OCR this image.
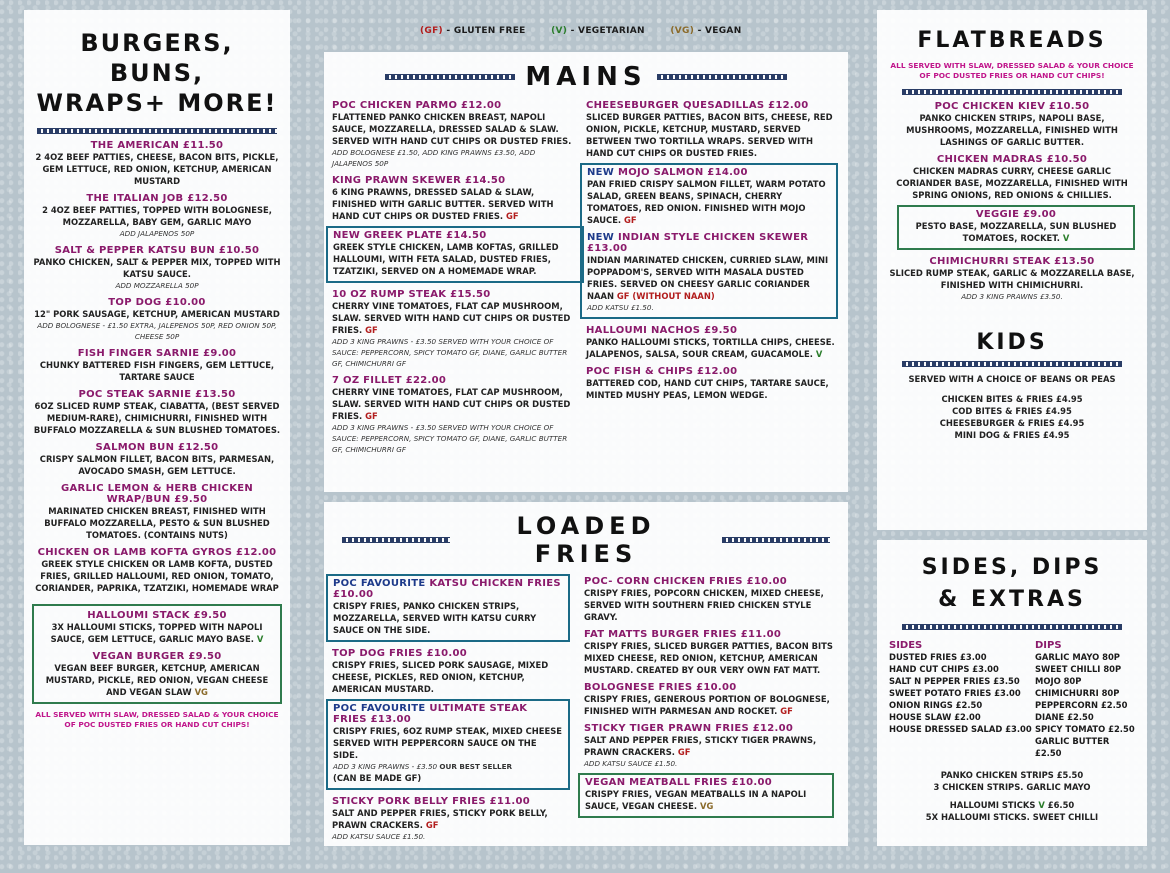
(GF) - GLUTEN FREE	(V) - VEGETARIAN	(VG) - VEGAN
BURGERS, BUNS,
WRAPS+ MORE!
THE AMERICAN £11.50
2 4OZ BEEF PATTIES, CHEESE, BACON BITS, PICKLE, GEM LETTUCE, RED ONION, KETCHUP, AMERICAN MUSTARD
THE ITALIAN JOB £12.50
2 4OZ BEEF PATTIES, TOPPED WITH BOLOGNESE, MOZZARELLA, BABY GEM, GARLIC MAYO
ADD JALAPENOS 50P
SALT & PEPPER KATSU BUN £10.50
PANKO CHICKEN, SALT & PEPPER MIX, TOPPED WITH KATSU SAUCE.
ADD MOZZARELLA 50P
TOP DOG £10.00
12" PORK SAUSAGE, KETCHUP, AMERICAN MUSTARD
ADD BOLOGNESE - £1.50 EXTRA, JALEPENOS 50P, RED ONION 50P, CHEESE 50P
FISH FINGER SARNIE £9.00
CHUNKY BATTERED FISH FINGERS, GEM LETTUCE, TARTARE SAUCE
POC STEAK SARNIE £13.50
6OZ SLICED RUMP STEAK, CIABATTA, (BEST SERVED MEDIUM-RARE), CHIMICHURRI, FINISHED WITH BUFFALO MOZZARELLA & SUN BLUSHED TOMATOES.
SALMON BUN £12.50
CRISPY SALMON FILLET, BACON BITS, PARMESAN, AVOCADO SMASH, GEM LETTUCE.
GARLIC LEMON & HERB CHICKEN WRAP/BUN £9.50
MARINATED CHICKEN BREAST, FINISHED WITH BUFFALO MOZZARELLA, PESTO & SUN BLUSHED TOMATOES. (CONTAINS NUTS)
CHICKEN OR LAMB KOFTA GYROS £12.00
GREEK STYLE CHICKEN OR LAMB KOFTA, DUSTED FRIES, GRILLED HALLOUMI, RED ONION, TOMATO, CORIANDER, PAPRIKA, TZATZIKI, HOMEMADE WRAP
HALLOUMI STACK £9.50
3X HALLOUMI STICKS, TOPPED WITH NAPOLI SAUCE, GEM LETTUCE, GARLIC MAYO BASE. V
VEGAN BURGER £9.50
VEGAN BEEF BURGER, KETCHUP, AMERICAN MUSTARD, PICKLE, RED ONION, VEGAN CHEESE AND VEGAN SLAW VG
ALL SERVED WITH SLAW, DRESSED SALAD & YOUR CHOICE OF POC DUSTED FRIES OR HAND CUT CHIPS!
MAINS
POC CHICKEN PARMO £12.00
FLATTENED PANKO CHICKEN BREAST, NAPOLI SAUCE, MOZZARELLA, DRESSED SALAD & SLAW. SERVED WITH HAND CUT CHIPS OR DUSTED FRIES.
ADD BOLOGNESE £1.50, ADD KING PRAWNS £3.50, ADD JALAPENOS 50P
KING PRAWN SKEWER £14.50
6 KING PRAWNS, DRESSED SALAD & SLAW, FINISHED WITH GARLIC BUTTER. SERVED WITH HAND CUT CHIPS OR DUSTED FRIES. GF
NEW GREEK PLATE £14.50
GREEK STYLE CHICKEN, LAMB KOFTAS, GRILLED HALLOUMI, WITH FETA SALAD, DUSTED FRIES, TZATZIKI, SERVED ON A HOMEMADE WRAP.
10 OZ RUMP STEAK £15.50
CHERRY VINE TOMATOES, FLAT CAP MUSHROOM, SLAW. SERVED WITH HAND CUT CHIPS OR DUSTED FRIES. GF
ADD 3 KING PRAWNS - £3.50 SERVED WITH YOUR CHOICE OF SAUCE: PEPPERCORN, SPICY TOMATO GF, DIANE, GARLIC BUTTER GF, CHIMICHURRI GF
7 OZ FILLET £22.00
CHERRY VINE TOMATOES, FLAT CAP MUSHROOM, SLAW. SERVED WITH HAND CUT CHIPS OR DUSTED FRIES. GF
ADD 3 KING PRAWNS - £3.50 SERVED WITH YOUR CHOICE OF SAUCE: PEPPERCORN, SPICY TOMATO GF, DIANE, GARLIC BUTTER GF, CHIMICHURRI GF
CHEESEBURGER QUESADILLAS £12.00
SLICED BURGER PATTIES, BACON BITS, CHEESE, RED ONION, PICKLE, KETCHUP, MUSTARD, SERVED BETWEEN TWO TORTILLA WRAPS. SERVED WITH HAND CUT CHIPS OR DUSTED FRIES.
NEW MOJO SALMON £14.00
PAN FRIED CRISPY SALMON FILLET, WARM POTATO SALAD, GREEN BEANS, SPINACH, CHERRY TOMATOES, RED ONION. FINISHED WITH MOJO SAUCE. GF
NEW INDIAN STYLE CHICKEN SKEWER £13.00
INDIAN MARINATED CHICKEN, CURRIED SLAW, MINI POPPADOM'S, SERVED WITH MASALA DUSTED FRIES. SERVED ON CHEESY GARLIC CORIANDER NAAN GF (WITHOUT NAAN)
ADD KATSU £1.50.
HALLOUMI NACHOS £9.50
PANKO HALLOUMI STICKS, TORTILLA CHIPS, CHEESE. JALAPENOS, SALSA, SOUR CREAM, GUACAMOLE. V
POC FISH & CHIPS £12.00
BATTERED COD, HAND CUT CHIPS, TARTARE SAUCE, MINTED MUSHY PEAS, LEMON WEDGE.
LOADED FRIES
POC FAVOURITE KATSU CHICKEN FRIES £10.00
CRISPY FRIES, PANKO CHICKEN STRIPS, MOZZARELLA, SERVED WITH KATSU CURRY SAUCE ON THE SIDE.
TOP DOG FRIES £10.00
CRISPY FRIES, SLICED PORK SAUSAGE, MIXED CHEESE, PICKLES, RED ONION, KETCHUP, AMERICAN MUSTARD.
POC FAVOURITE ULTIMATE STEAK FRIES £13.00
CRISPY FRIES, 6OZ RUMP STEAK, MIXED CHEESE SERVED WITH PEPPERCORN SAUCE ON THE SIDE.
ADD 3 KING PRAWNS - £3.50 OUR BEST SELLER
(CAN BE MADE GF)
STICKY PORK BELLY FRIES £11.00
SALT AND PEPPER FRIES, STICKY PORK BELLY, PRAWN CRACKERS. GF
ADD KATSU SAUCE £1.50.
POC- CORN CHICKEN FRIES £10.00
CRISPY FRIES, POPCORN CHICKEN, MIXED CHEESE, SERVED WITH SOUTHERN FRIED CHICKEN STYLE GRAVY.
FAT MATTS BURGER FRIES £11.00
CRISPY FRIES, SLICED BURGER PATTIES, BACON BITS MIXED CHEESE, RED ONION, KETCHUP, AMERICAN MUSTARD. CREATED BY OUR VERY OWN FAT MATT.
BOLOGNESE FRIES £10.00
CRISPY FRIES, GENEROUS PORTION OF BOLOGNESE, FINISHED WITH PARMESAN AND ROCKET. GF
STICKY TIGER PRAWN FRIES £12.00
SALT AND PEPPER FRIES, STICKY TIGER PRAWNS, PRAWN CRACKERS. GF
ADD KATSU SAUCE £1.50.
VEGAN MEATBALL FRIES £10.00
CRISPY FRIES, VEGAN MEATBALLS IN A NAPOLI SAUCE, VEGAN CHEESE. VG
FLATBREADS
ALL SERVED WITH SLAW, DRESSED SALAD & YOUR CHOICE OF POC DUSTED FRIES OR HAND CUT CHIPS!
POC CHICKEN KIEV £10.50
PANKO CHICKEN STRIPS, NAPOLI BASE, MUSHROOMS, MOZZARELLA, FINISHED WITH LASHINGS OF GARLIC BUTTER.
CHICKEN MADRAS £10.50
CHICKEN MADRAS CURRY, CHEESE GARLIC CORIANDER BASE, MOZZARELLA, FINISHED WITH SPRING ONIONS, RED ONIONS & CHILLIES.
VEGGIE £9.00
PESTO BASE, MOZZARELLA, SUN BLUSHED TOMATOES, ROCKET. V
CHIMICHURRI STEAK £13.50
SLICED RUMP STEAK, GARLIC & MOZZARELLA BASE, FINISHED WITH CHIMICHURRI.
ADD 3 KING PRAWNS £3.50.
KIDS
SERVED WITH A CHOICE OF BEANS OR PEAS
CHICKEN BITES & FRIES £4.95
COD BITES & FRIES £4.95
CHEESEBURGER & FRIES £4.95
MINI DOG & FRIES £4.95
SIDES, DIPS
& EXTRAS
SIDES
DUSTED FRIES £3.00
HAND CUT CHIPS £3.00
SALT N PEPPER FRIES £3.50
SWEET POTATO FRIES £3.00
ONION RINGS £2.50
HOUSE SLAW £2.00
HOUSE DRESSED SALAD £3.00
DIPS
GARLIC MAYO 80P
SWEET CHILLI 80P
MOJO 80P
CHIMICHURRI 80P
PEPPERCORN £2.50
DIANE £2.50
SPICY TOMATO £2.50
GARLIC BUTTER £2.50
PANKO CHICKEN STRIPS £5.50
3 CHICKEN STRIPS. GARLIC MAYO
HALLOUMI STICKS V £6.50
5X HALLOUMI STICKS. SWEET CHILLI
